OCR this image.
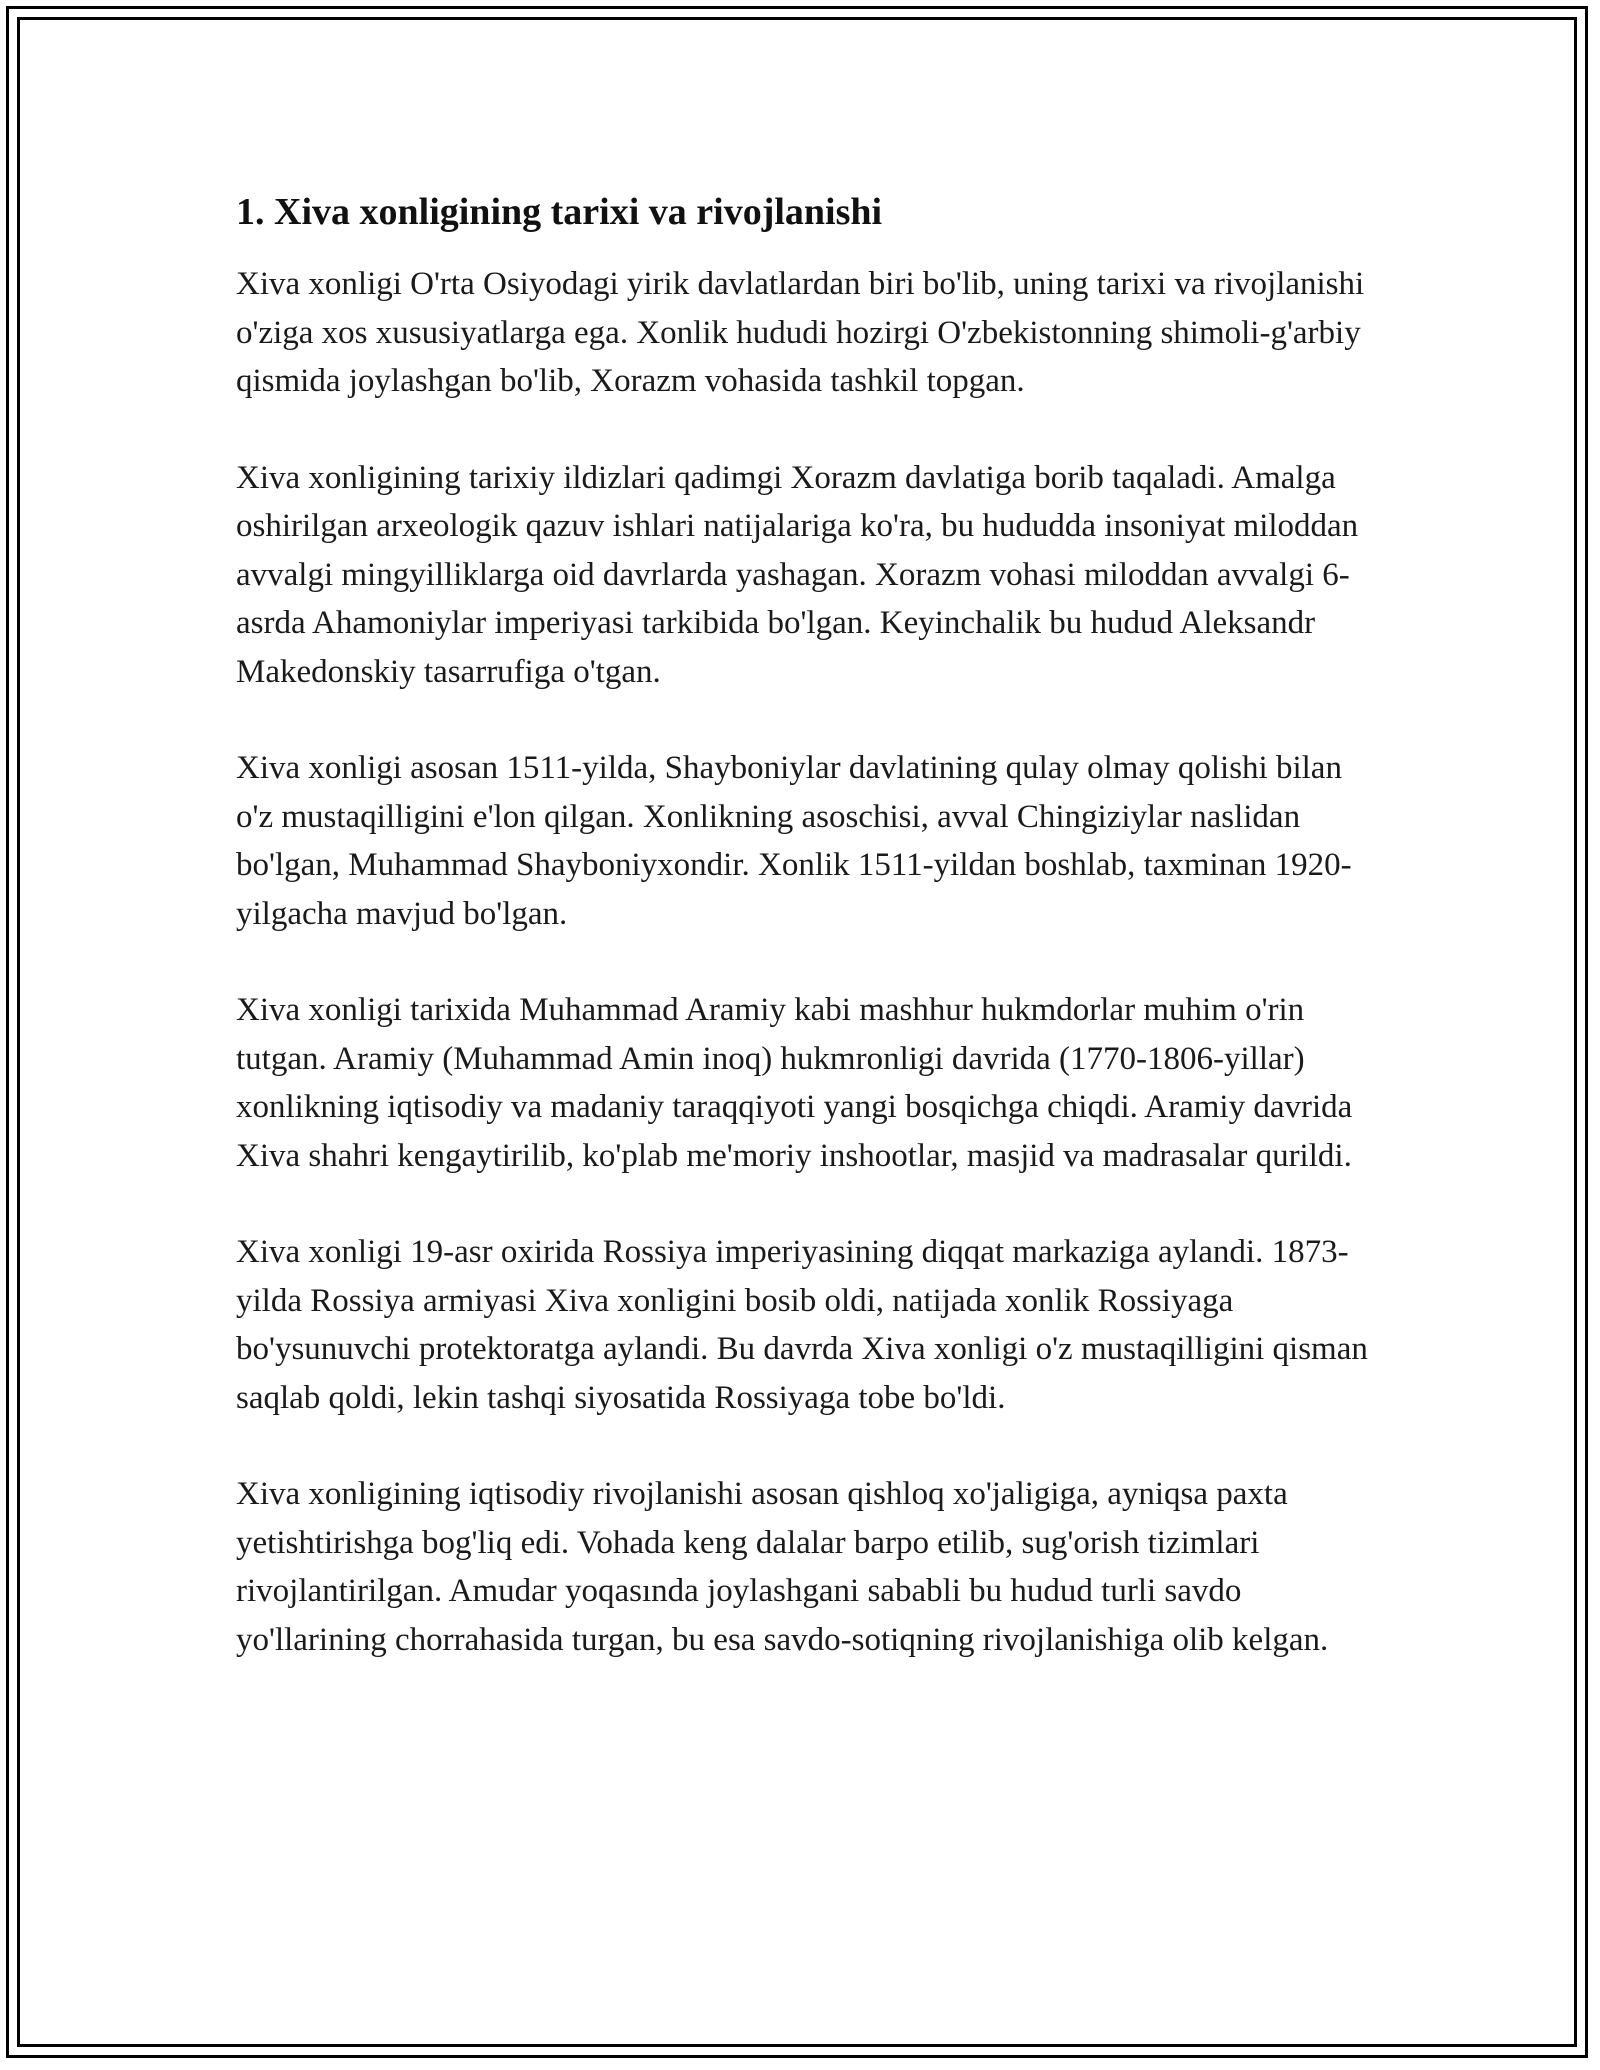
1. Xiva xonligining tarixi va rivojlanishi

Xiva xonligi O'rta Osiyodagi yirik davlatlardan biri bo'lib, uning tarixi va rivojlanishi o'ziga xos xususiyatlarga ega. Xonlik hududi hozirgi O'zbekistonning shimoli-g'arbiy qismida joylashgan bo'lib, Xorazm vohasida tashkil topgan.

Xiva xonligining tarixiy ildizlari qadimgi Xorazm davlatiga borib taqaladi. Amalga oshirilgan arxeologik qazuv ishlari natijalariga ko'ra, bu hududda insoniyat miloddan avvalgi mingyilliklarga oid davrlarda yashagan. Xorazm vohasi miloddan avvalgi 6-asrda Ahamoniylar imperiyasi tarkibida bo'lgan. Keyinchalik bu hudud Aleksandr Makedonskiy tasarrufiga o'tgan.

Xiva xonligi asosan 1511-yilda, Shayboniylar davlatining qulay olmay qolishi bilan o'z mustaqilligini e'lon qilgan. Xonlikning asoschisi, avval Chingiziylar naslidan bo'lgan, Muhammad Shayboniyxondir. Xonlik 1511-yildan boshlab, taxminan 1920-yilgacha mavjud bo'lgan.

Xiva xonligi tarixida Muhammad Aramiy kabi mashhur hukmdorlar muhim o'rin tutgan. Aramiy (Muhammad Amin inoq) hukmronligi davrida (1770-1806-yillar) xonlikning iqtisodiy va madaniy taraqqiyoti yangi bosqichga chiqdi. Aramiy davrida Xiva shahri kengaytirilib, ko'plab me'moriy inshootlar, masjid va madrasalar qurildi.

Xiva xonligi 19-asr oxirida Rossiya imperiyasining diqqat markaziga aylandi. 1873-yilda Rossiya armiyasi Xiva xonligini bosib oldi, natijada xonlik Rossiyaga bo'ysunuvchi protektoratga aylandi. Bu davrda Xiva xonligi o'z mustaqilligini qisman saqlab qoldi, lekin tashqi siyosatida Rossiyaga tobe bo'ldi.

Xiva xonligining iqtisodiy rivojlanishi asosan qishloq xo'jaligiga, ayniqsa paxta yetishtirishga bog'liq edi. Vohada keng dalalar barpo etilib, sug'orish tizimlari rivojlantirilgan. Amudar yoqasında joylashgani sababli bu hudud turli savdo yo'llarining chorrahasida turgan, bu esa savdo-sotiqning rivojlanishiga olib kelgan.
